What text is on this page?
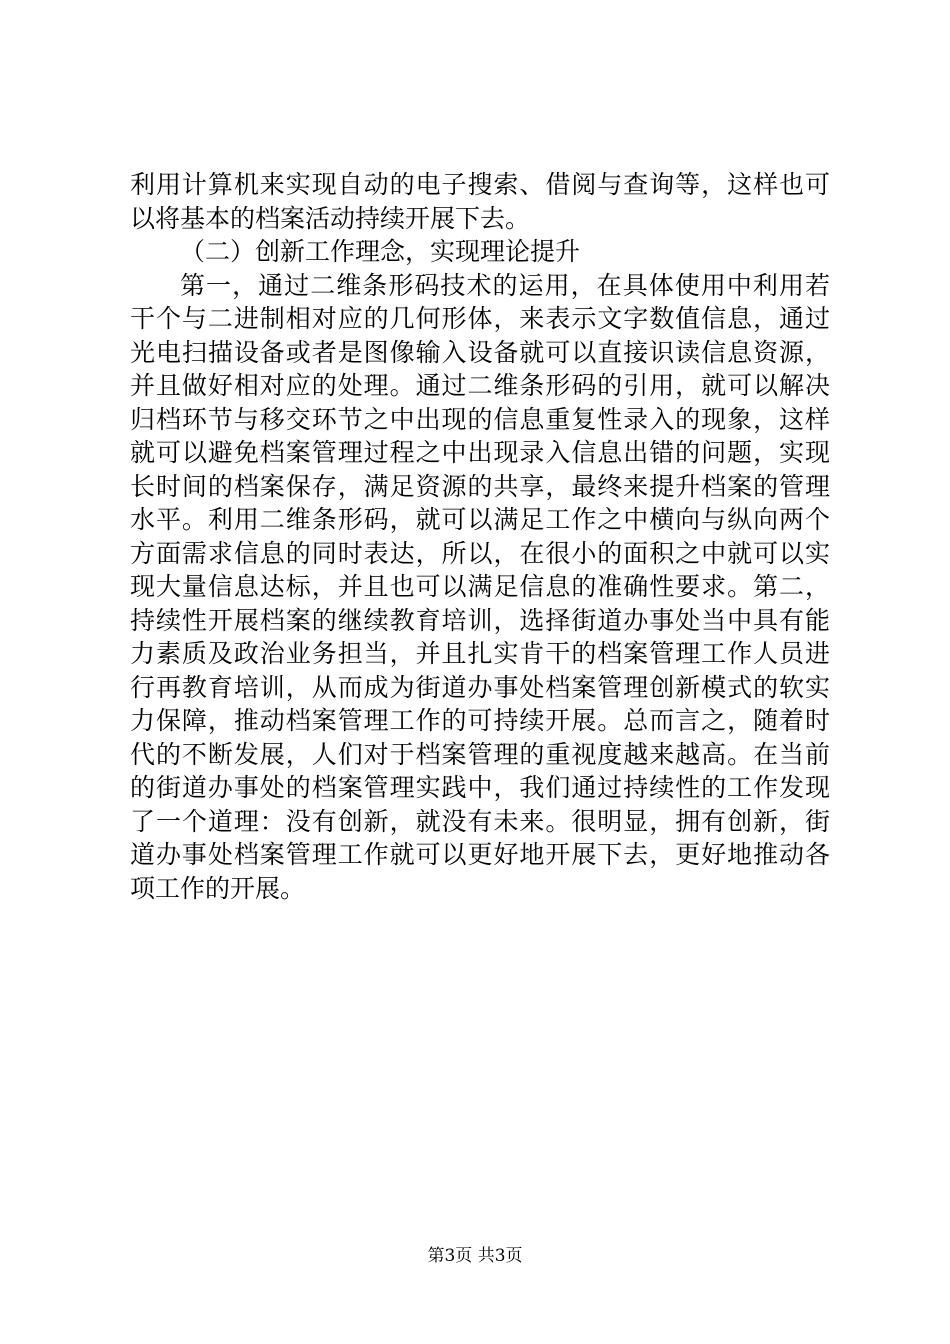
利用计算机来实现自动的电子搜索、借阅与查询等，这样也可
以将基本的档案活动持续开展下去。
（二）创新工作理念，实现理论提升
第一，通过二维条形码技术的运用，在具体使用中利用若
干个与二进制相对应的几何形体，来表示文字数值信息，通过
光电扫描设备或者是图像输入设备就可以直接识读信息资源，
并且做好相对应的处理。通过二维条形码的引用，就可以解决
归档环节与移交环节之中出现的信息重复性录入的现象，这样
就可以避免档案管理过程之中出现录入信息出错的问题，实现
长时间的档案保存，满足资源的共享，最终来提升档案的管理
水平。利用二维条形码，就可以满足工作之中横向与纵向两个
方面需求信息的同时表达，所以，在很小的面积之中就可以实
现大量信息达标，并且也可以满足信息的准确性要求。第二，
持续性开展档案的继续教育培训，选择街道办事处当中具有能
力素质及政治业务担当，并且扎实肯干的档案管理工作人员进
行再教育培训，从而成为街道办事处档案管理创新模式的软实
力保障，推动档案管理工作的可持续开展。总而言之，随着时
代的不断发展，人们对于档案管理的重视度越来越高。在当前
的街道办事处的档案管理实践中，我们通过持续性的工作发现
了一个道理：没有创新，就没有未来。很明显，拥有创新，街
道办事处档案管理工作就可以更好地开展下去，更好地推动各
项工作的开展。
第3页 共3页
